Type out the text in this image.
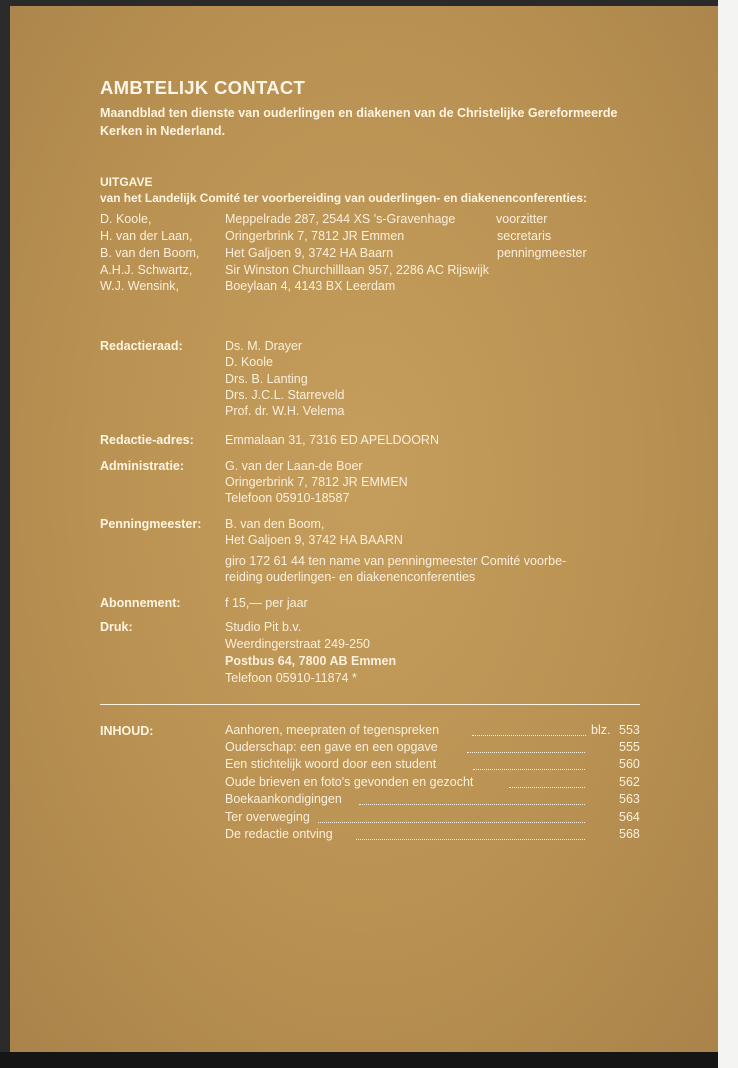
AMBTELIJK CONTACT
Maandblad ten dienste van ouderlingen en diakenen van de Christelijke Gereformeerde Kerken in Nederland.
UITGAVE
van het Landelijk Comité ter voorbereiding van ouderlingen- en diakenenconferenties:
D. Koole,	Meppelrade 287, 2544 XS 's-Gravenhage	voorzitter
H. van der Laan,	Oringerbrink 7, 7812 JR Emmen	secretaris
B. van den Boom, Het Galjoen 9, 3742 HA Baarn	penningmeester
A.H.J. Schwartz,	Sir Winston Churchilllaan 957, 2286 AC Rijswijk
W.J. Wensink,	Boeylaan 4, 4143 BX Leerdam
Redactieraad:	Ds. M. Drayer
D. Koole
Drs. B. Lanting
Drs. J.C.L. Starreveld
Prof. dr. W.H. Velema
Redactie-adres: Emmalaan 31, 7316 ED APELDOORN
Administratie:	G. van der Laan-de Boer
Oringerbrink 7, 7812 JR EMMEN
Telefoon 05910-18587
Penningmeester: B. van den Boom,
Het Galjoen 9, 3742 HA BAARN
giro 172 61 44 ten name van penningmeester Comité voorbe-
reiding ouderlingen- en diakenenconferenties
Abonnement:	f 15,— per jaar
Druk:	Studio Pit b.v.
Weerdingerstraat 249-250
Postbus 64, 7800 AB Emmen
Telefoon 05910-11874 *
INHOUD:	Aanhoren, meepraten of tegenspreken	blz. 553
Ouderschap: een gave en een opgave	555
Een stichtelijk woord door een student	560
Oude brieven en foto's gevonden en gezocht	562
Boekaankondigingen	563
Ter overweging	564
De redactie ontving	568
